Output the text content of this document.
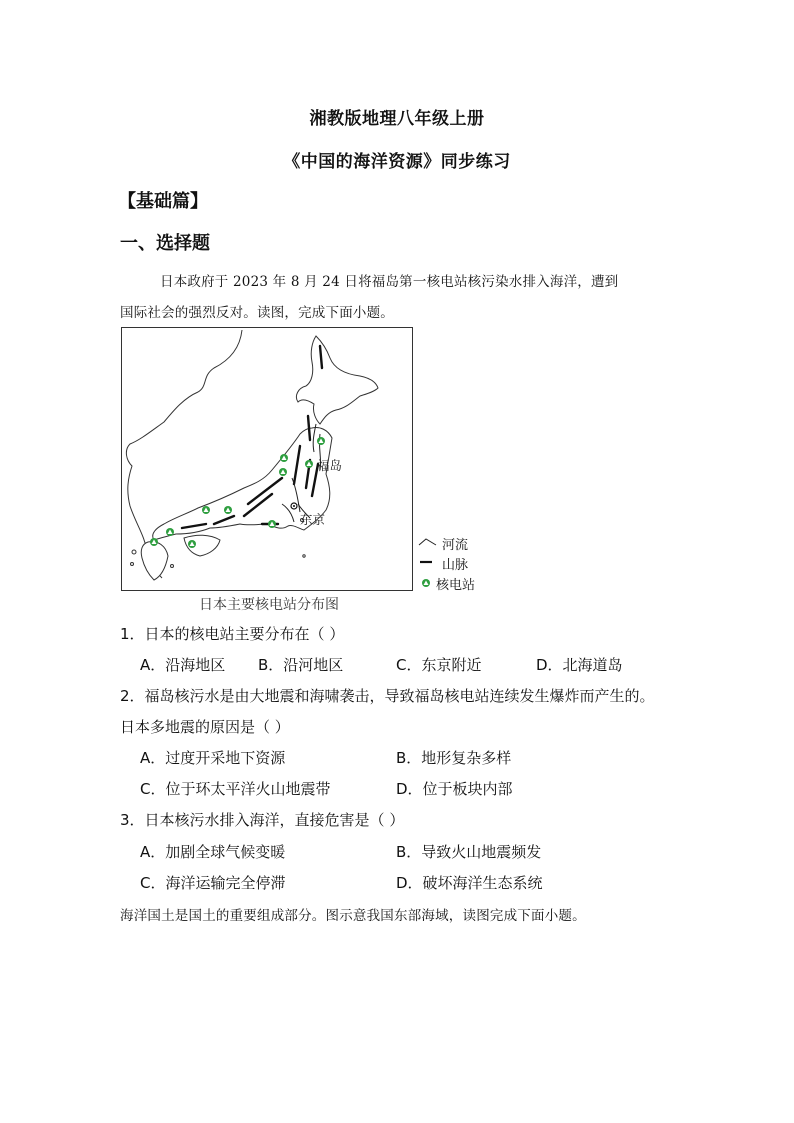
湘教版地理八年级上册
《中国的海洋资源》同步练习
【基础篇】
一、选择题
日本政府于 2023 年 8 月 24 日将福岛第一核电站核污染水排入海洋，遭到
国际社会的强烈反对。读图，完成下面小题。
福岛
东京
河流
山脉
核电站
日本主要核电站分布图
1．日本的核电站主要分布在（ ）
A．沿海地区 B．沿河地区	C．东京附近	D．北海道岛
2．福岛核污水是由大地震和海啸袭击，导致福岛核电站连续发生爆炸而产生的。
日本多地震的原因是（ ）
A．过度开采地下资源	B．地形复杂多样
C．位于环太平洋火山地震带	D．位于板块内部
3．日本核污水排入海洋，直接危害是（ ）
A．加剧全球气候变暖	B．导致火山地震频发
C．海洋运输完全停滞	D．破坏海洋生态系统
海洋国土是国土的重要组成部分。图示意我国东部海域，读图完成下面小题。
